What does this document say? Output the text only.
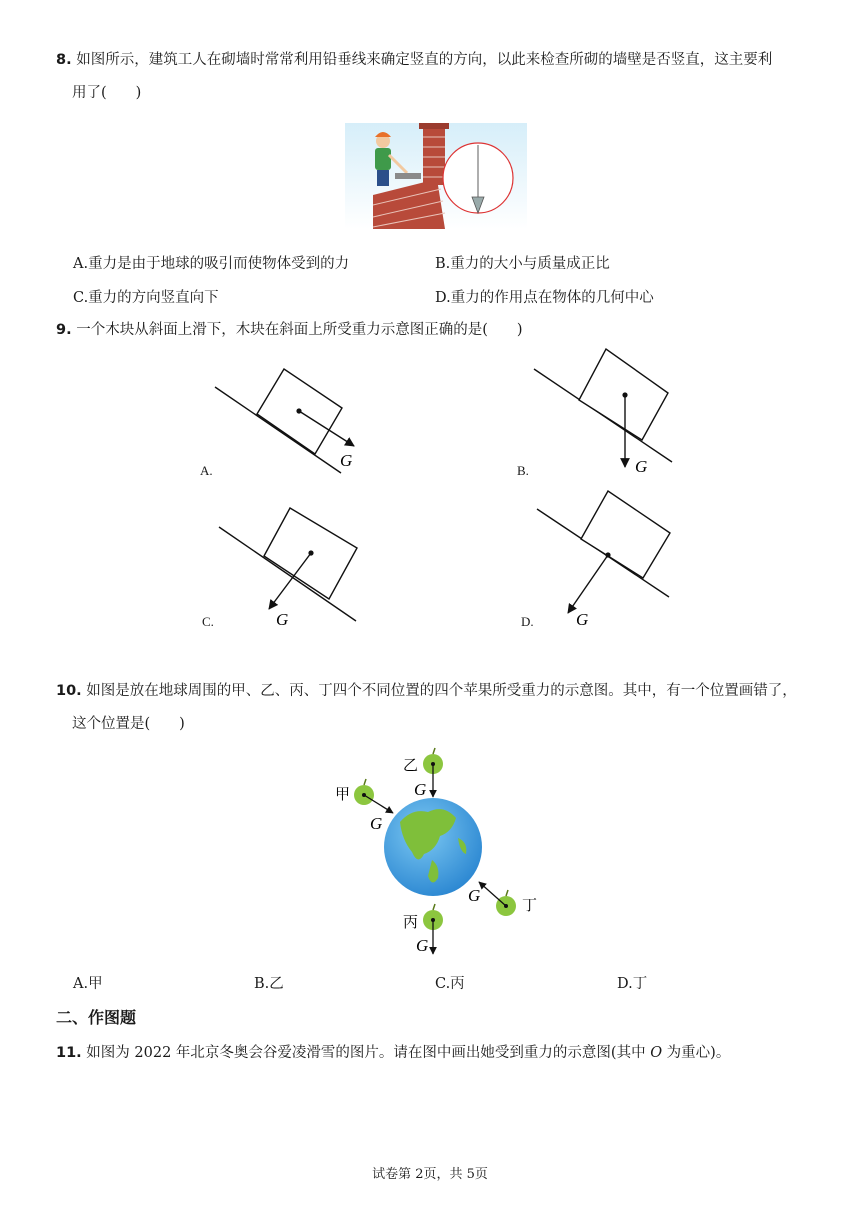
8. 如图所示，建筑工人在砌墙时常常利用铅垂线来确定竖直的方向，以此来检查所砌的墙壁是否竖直，这主要利
用了(　　)
A.重力是由于地球的吸引而使物体受到的力	B.重力的大小与质量成正比
C.重力的方向竖直向下	D.重力的作用点在物体的几何中心
9. 一个木块从斜面上滑下，木块在斜面上所受重力示意图正确的是(　　)
G	G
G	G
A.	B.
C.	D.
10. 如图是放在地球周围的甲、乙、丙、丁四个不同位置的四个苹果所受重力的示意图。其中，有一个位置画错了，
这个位置是(　　)
甲
乙
丙
丁
G
G
G
G
A.甲	B.乙	C.丙	D.丁
二、作图题
11. 如图为 2022 年北京冬奥会谷爱凌滑雪的图片。请在图中画出她受到重力的示意图(其中 O 为重心)。
试卷第 2页，共 5页
